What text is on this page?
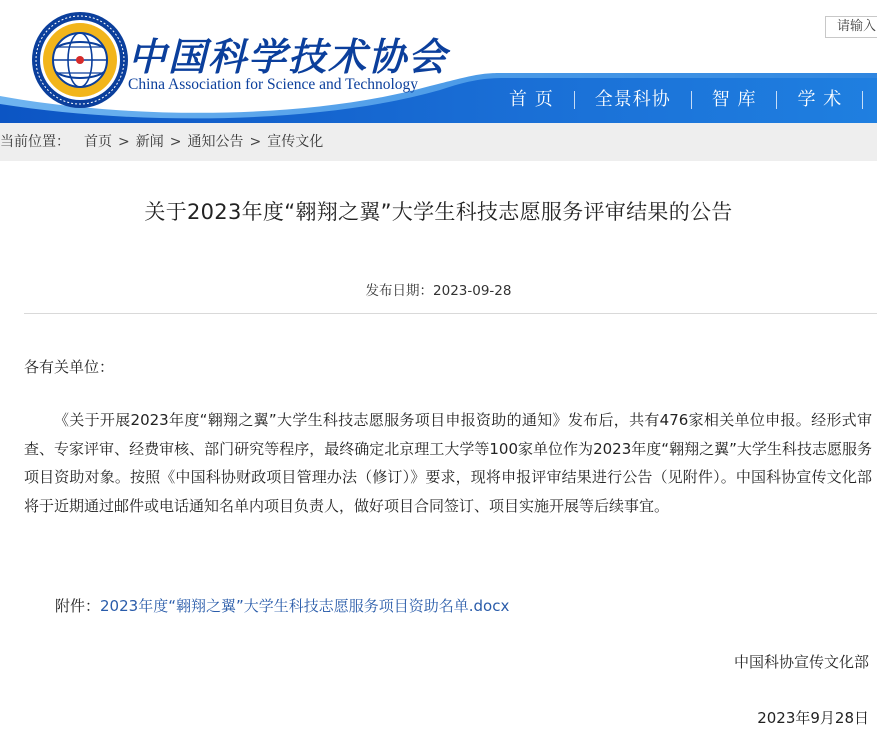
中国科学技术协会
China Association for Science and Technology
请输入
首 页	全景科协	智 库	学 术
当前位置： 首页 > 新闻 > 通知公告 > 宣传文化
关于2023年度“翱翔之翼”大学生科技志愿服务评审结果的公告
发布日期：2023-09-28
各有关单位：

《关于开展2023年度“翱翔之翼”大学生科技志愿服务项目申报资助的通知》发布后，共有476家相关单位申报。经形式审查、专家评审、经费审核、部门研究等程序，最终确定北京理工大学等100家单位作为2023年度“翱翔之翼”大学生科技志愿服务项目资助对象。按照《中国科协财政项目管理办法（修订）》要求，现将申报评审结果进行公告（见附件）。中国科协宣传文化部将于近期通过邮件或电话通知名单内项目负责人，做好项目合同签订、项目实施开展等后续事宜。

附件：2023年度“翱翔之翼”大学生科技志愿服务项目资助名单.docx
中国科协宣传文化部
2023年9月28日
